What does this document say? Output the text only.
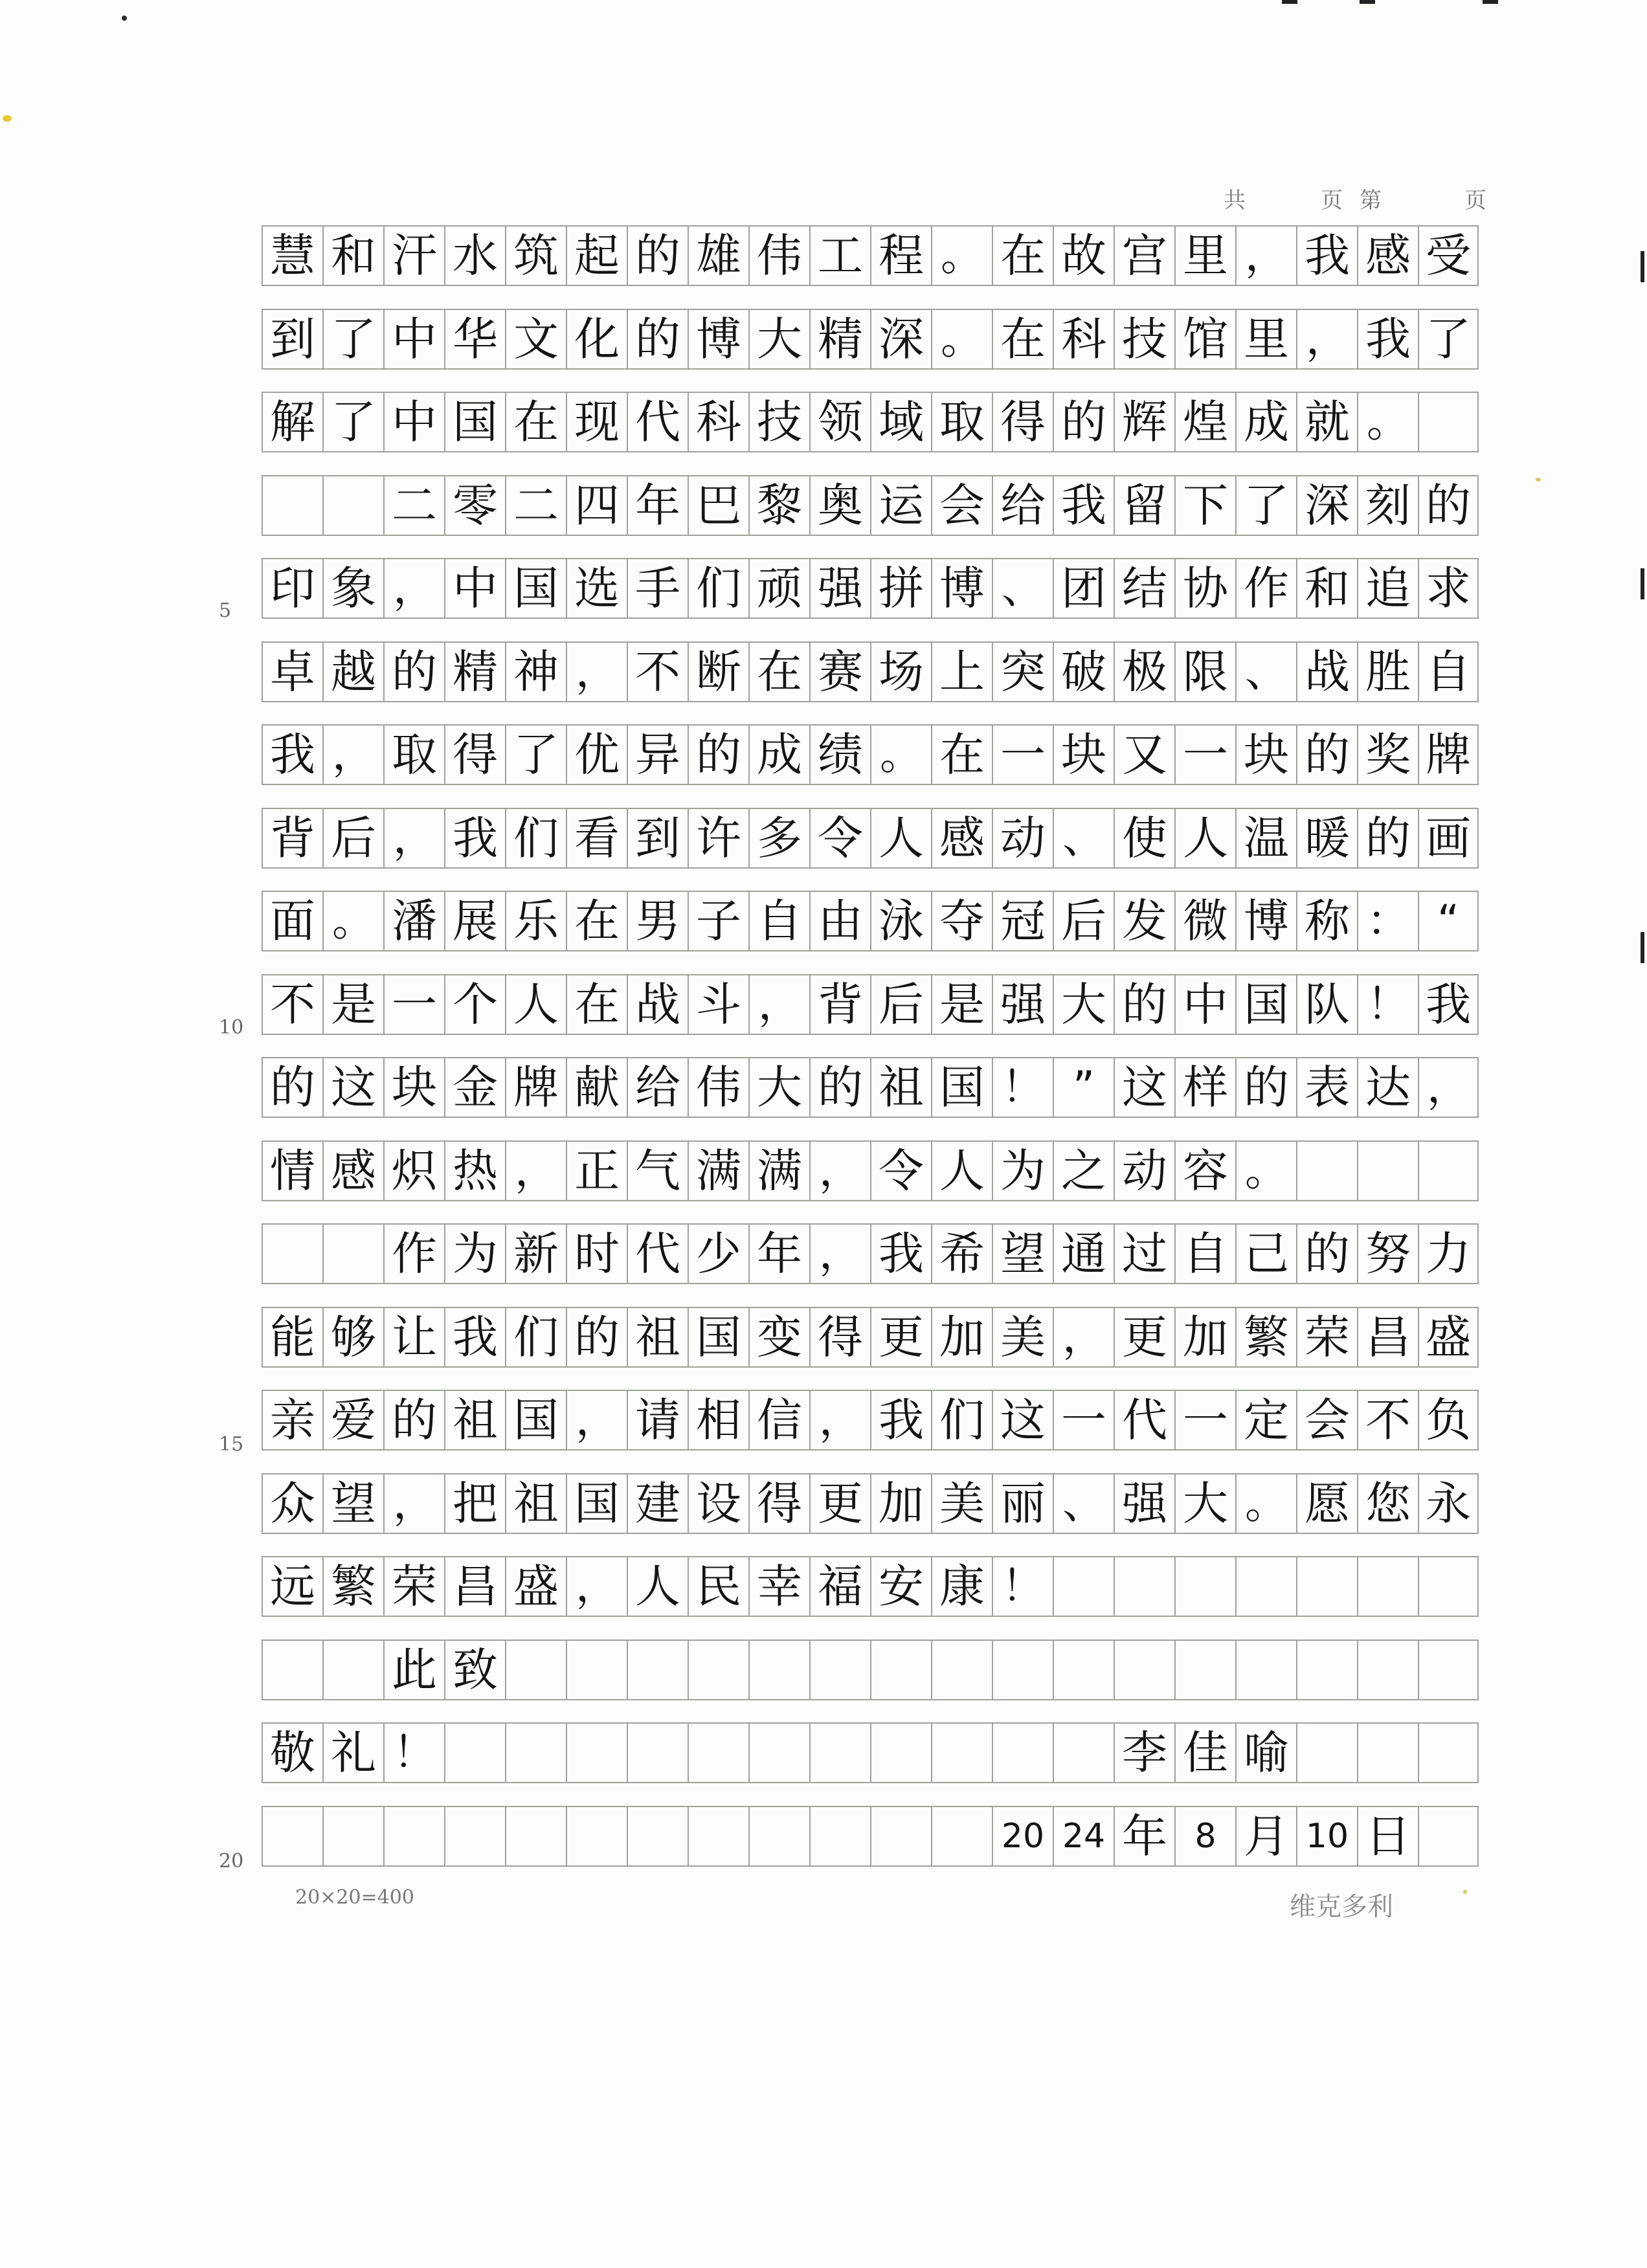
共	页 第	页
慧 和 汗 水 筑 起 的 雄 伟 工 程 。 在 故 宫 里 ， 我 感 受
到 了 中 华 文 化 的 博 大 精 深 。 在 科 技 馆 里 ， 我 了
解 了 中 国 在 现 代 科 技 领 域 取 得 的 辉 煌 成 就 。
二 零 二 四 年 巴 黎 奥 运 会 给 我 留 下 了 深 刻 的
印 象 ， 中 国 选 手 们 顽 强 拼 博 、 团 结 协 作 和 追 求
卓 越 的 精 神 ， 不 断 在 赛 场 上 突 破 极 限 、 战 胜 自
我 ， 取 得 了 优 异 的 成 绩 。 在 一 块 又 一 块 的 奖 牌
背 后 ， 我 们 看 到 许 多 令 人 感 动 、 使 人 温 暖 的 画
面 。 潘 展 乐 在 男 子 自 由 泳 夺 冠 后 发 微 博 称 ： “
不 是 一 个 人 在 战 斗 ， 背 后 是 强 大 的 中 国 队 ！ 我
的 这 块 金 牌 献 给 伟 大 的 祖 国 ！ ” 这 样 的 表 达 ，
情 感 炽 热 ， 正 气 满 满 ， 令 人 为 之 动 容 。
作 为 新 时 代 少 年 ， 我 希 望 通 过 自 己 的 努 力
能 够 让 我 们 的 祖 国 变 得 更 加 美 ， 更 加 繁 荣 昌 盛
亲 爱 的 祖 国 ， 请 相 信 ， 我 们 这 一 代 一 定 会 不 负
众 望 ， 把 祖 国 建 设 得 更 加 美 丽 、 强 大 。 愿 您 永
远 繁 荣 昌 盛 ， 人 民 幸 福 安 康 ！
此 致
敬 礼 ！	李 佳 喻
20 24 年 8 月 10 日
5
10
15
20
20×20=400	维克多利
